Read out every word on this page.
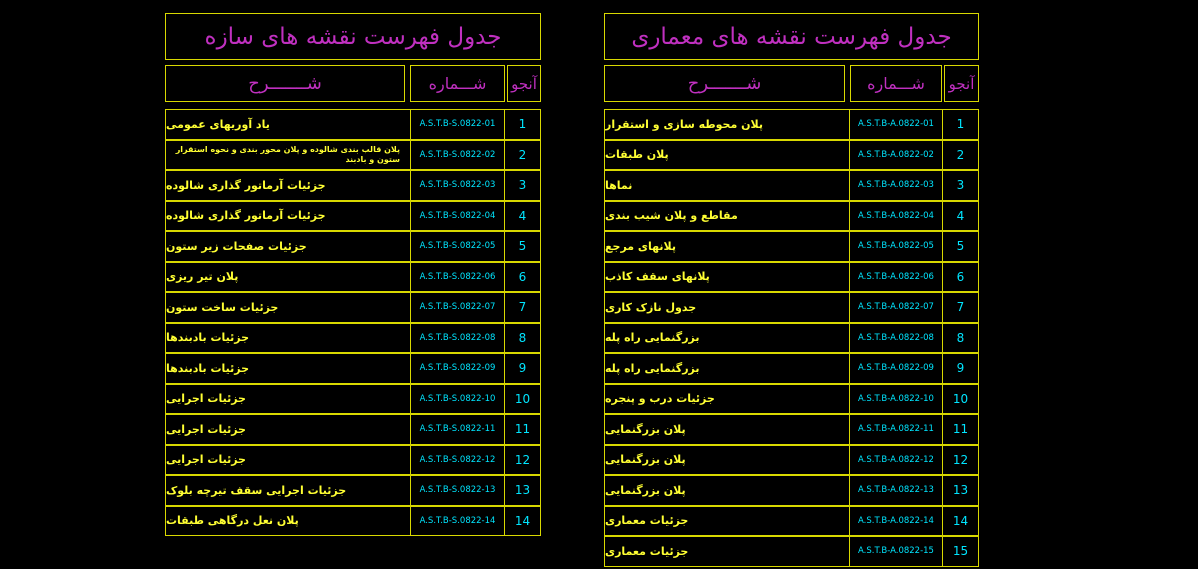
جدول فهرست نقشه های سازه
شـــــــرح	شـــماره	آنجو
یاد آوریهای عمومی	A.S.T.B-S.0822-01	1
پلان قالب بندی شالوده و پلان محور بندی و نحوه استقرار ستون و بادبند	A.S.T.B-S.0822-02	2
جزئیات آرماتور گذاری شالوده	A.S.T.B-S.0822-03	3
جزئیات آرماتور گذاری شالوده	A.S.T.B-S.0822-04	4
جزئیات صفحات زیر ستون	A.S.T.B-S.0822-05	5
پلان تیر ریزی	A.S.T.B-S.0822-06	6
جزئیات ساخت ستون	A.S.T.B-S.0822-07	7
جزئیات بادبندها	A.S.T.B-S.0822-08	8
جزئیات بادبندها	A.S.T.B-S.0822-09	9
جزئیات اجرایی	A.S.T.B-S.0822-10	10
جزئیات اجرایی	A.S.T.B-S.0822-11	11
جزئیات اجرایی	A.S.T.B-S.0822-12	12
جزئیات اجرایی سقف تیرچه بلوک	A.S.T.B-S.0822-13	13
پلان نعل درگاهی طبقات	A.S.T.B-S.0822-14	14
جدول فهرست نقشه های معماری
شـــــــرح	شـــماره	آنجو
پلان محوطه سازی و استقرار	A.S.T.B-A.0822-01	1
پلان طبقات	A.S.T.B-A.0822-02	2
نماها	A.S.T.B-A.0822-03	3
مقاطع و پلان شیب بندی	A.S.T.B-A.0822-04	4
پلانهای مرجع	A.S.T.B-A.0822-05	5
پلانهای سقف کاذب	A.S.T.B-A.0822-06	6
جدول نازک کاری	A.S.T.B-A.0822-07	7
بزرگنمایی راه پله	A.S.T.B-A.0822-08	8
بزرگنمایی راه پله	A.S.T.B-A.0822-09	9
جزئیات درب و پنجره	A.S.T.B-A.0822-10	10
پلان بزرگنمایی	A.S.T.B-A.0822-11	11
پلان بزرگنمایی	A.S.T.B-A.0822-12	12
پلان بزرگنمایی	A.S.T.B-A.0822-13	13
جزئیات معماری	A.S.T.B-A.0822-14	14
جزئیات معماری	A.S.T.B-A.0822-15	15
